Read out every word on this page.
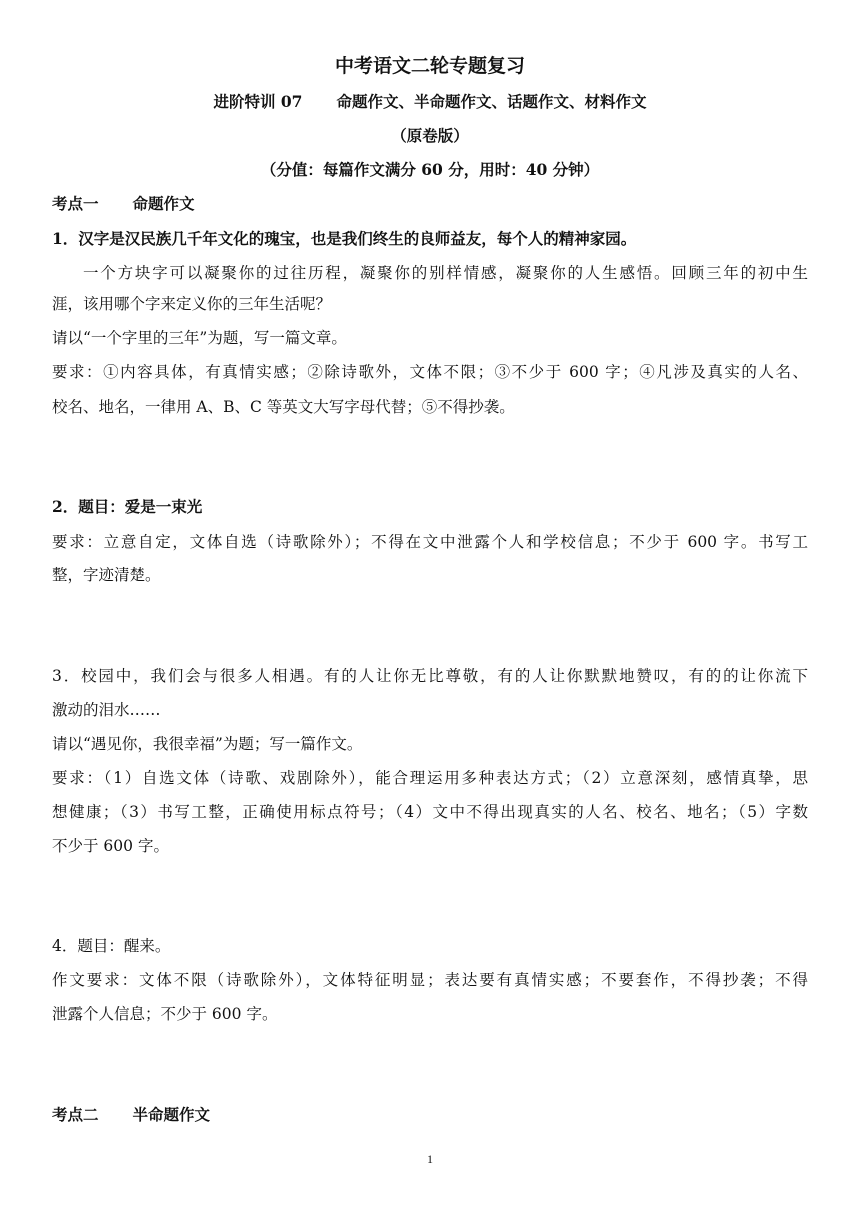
中考语文二轮专题复习
进阶特训 07 命题作文、半命题作文、话题作文、材料作文
（原卷版）
（分值：每篇作文满分 60 分，用时：40 分钟）
考点一 命题作文
1．汉字是汉民族几千年文化的瑰宝，也是我们终生的良师益友，每个人的精神家园。
一个方块字可以凝聚你的过往历程，凝聚你的别样情感，凝聚你的人生感悟。回顾三年的初中生
涯，该用哪个字来定义你的三年生活呢？
请以“一个字里的三年”为题，写一篇文章。
要求：①内容具体，有真情实感；②除诗歌外，文体不限；③不少于 600 字；④凡涉及真实的人名、
校名、地名，一律用 A、B、C 等英文大写字母代替；⑤不得抄袭。
2．题目：爱是一束光
要求：立意自定，文体自选（诗歌除外）；不得在文中泄露个人和学校信息；不少于 600 字。书写工
整，字迹清楚。
3．校园中，我们会与很多人相遇。有的人让你无比尊敬，有的人让你默默地赞叹，有的的让你流下
激动的泪水……
请以“遇见你，我很幸福”为题；写一篇作文。
要求：（1）自选文体（诗歌、戏剧除外），能合理运用多种表达方式；（2）立意深刻，感情真挚，思
想健康；（3）书写工整，正确使用标点符号；（4）文中不得出现真实的人名、校名、地名；（5）字数
不少于 600 字。
4．题目：醒来。
作文要求：文体不限（诗歌除外），文体特征明显；表达要有真情实感；不要套作，不得抄袭；不得
泄露个人信息；不少于 600 字。
考点二 半命题作文
1
